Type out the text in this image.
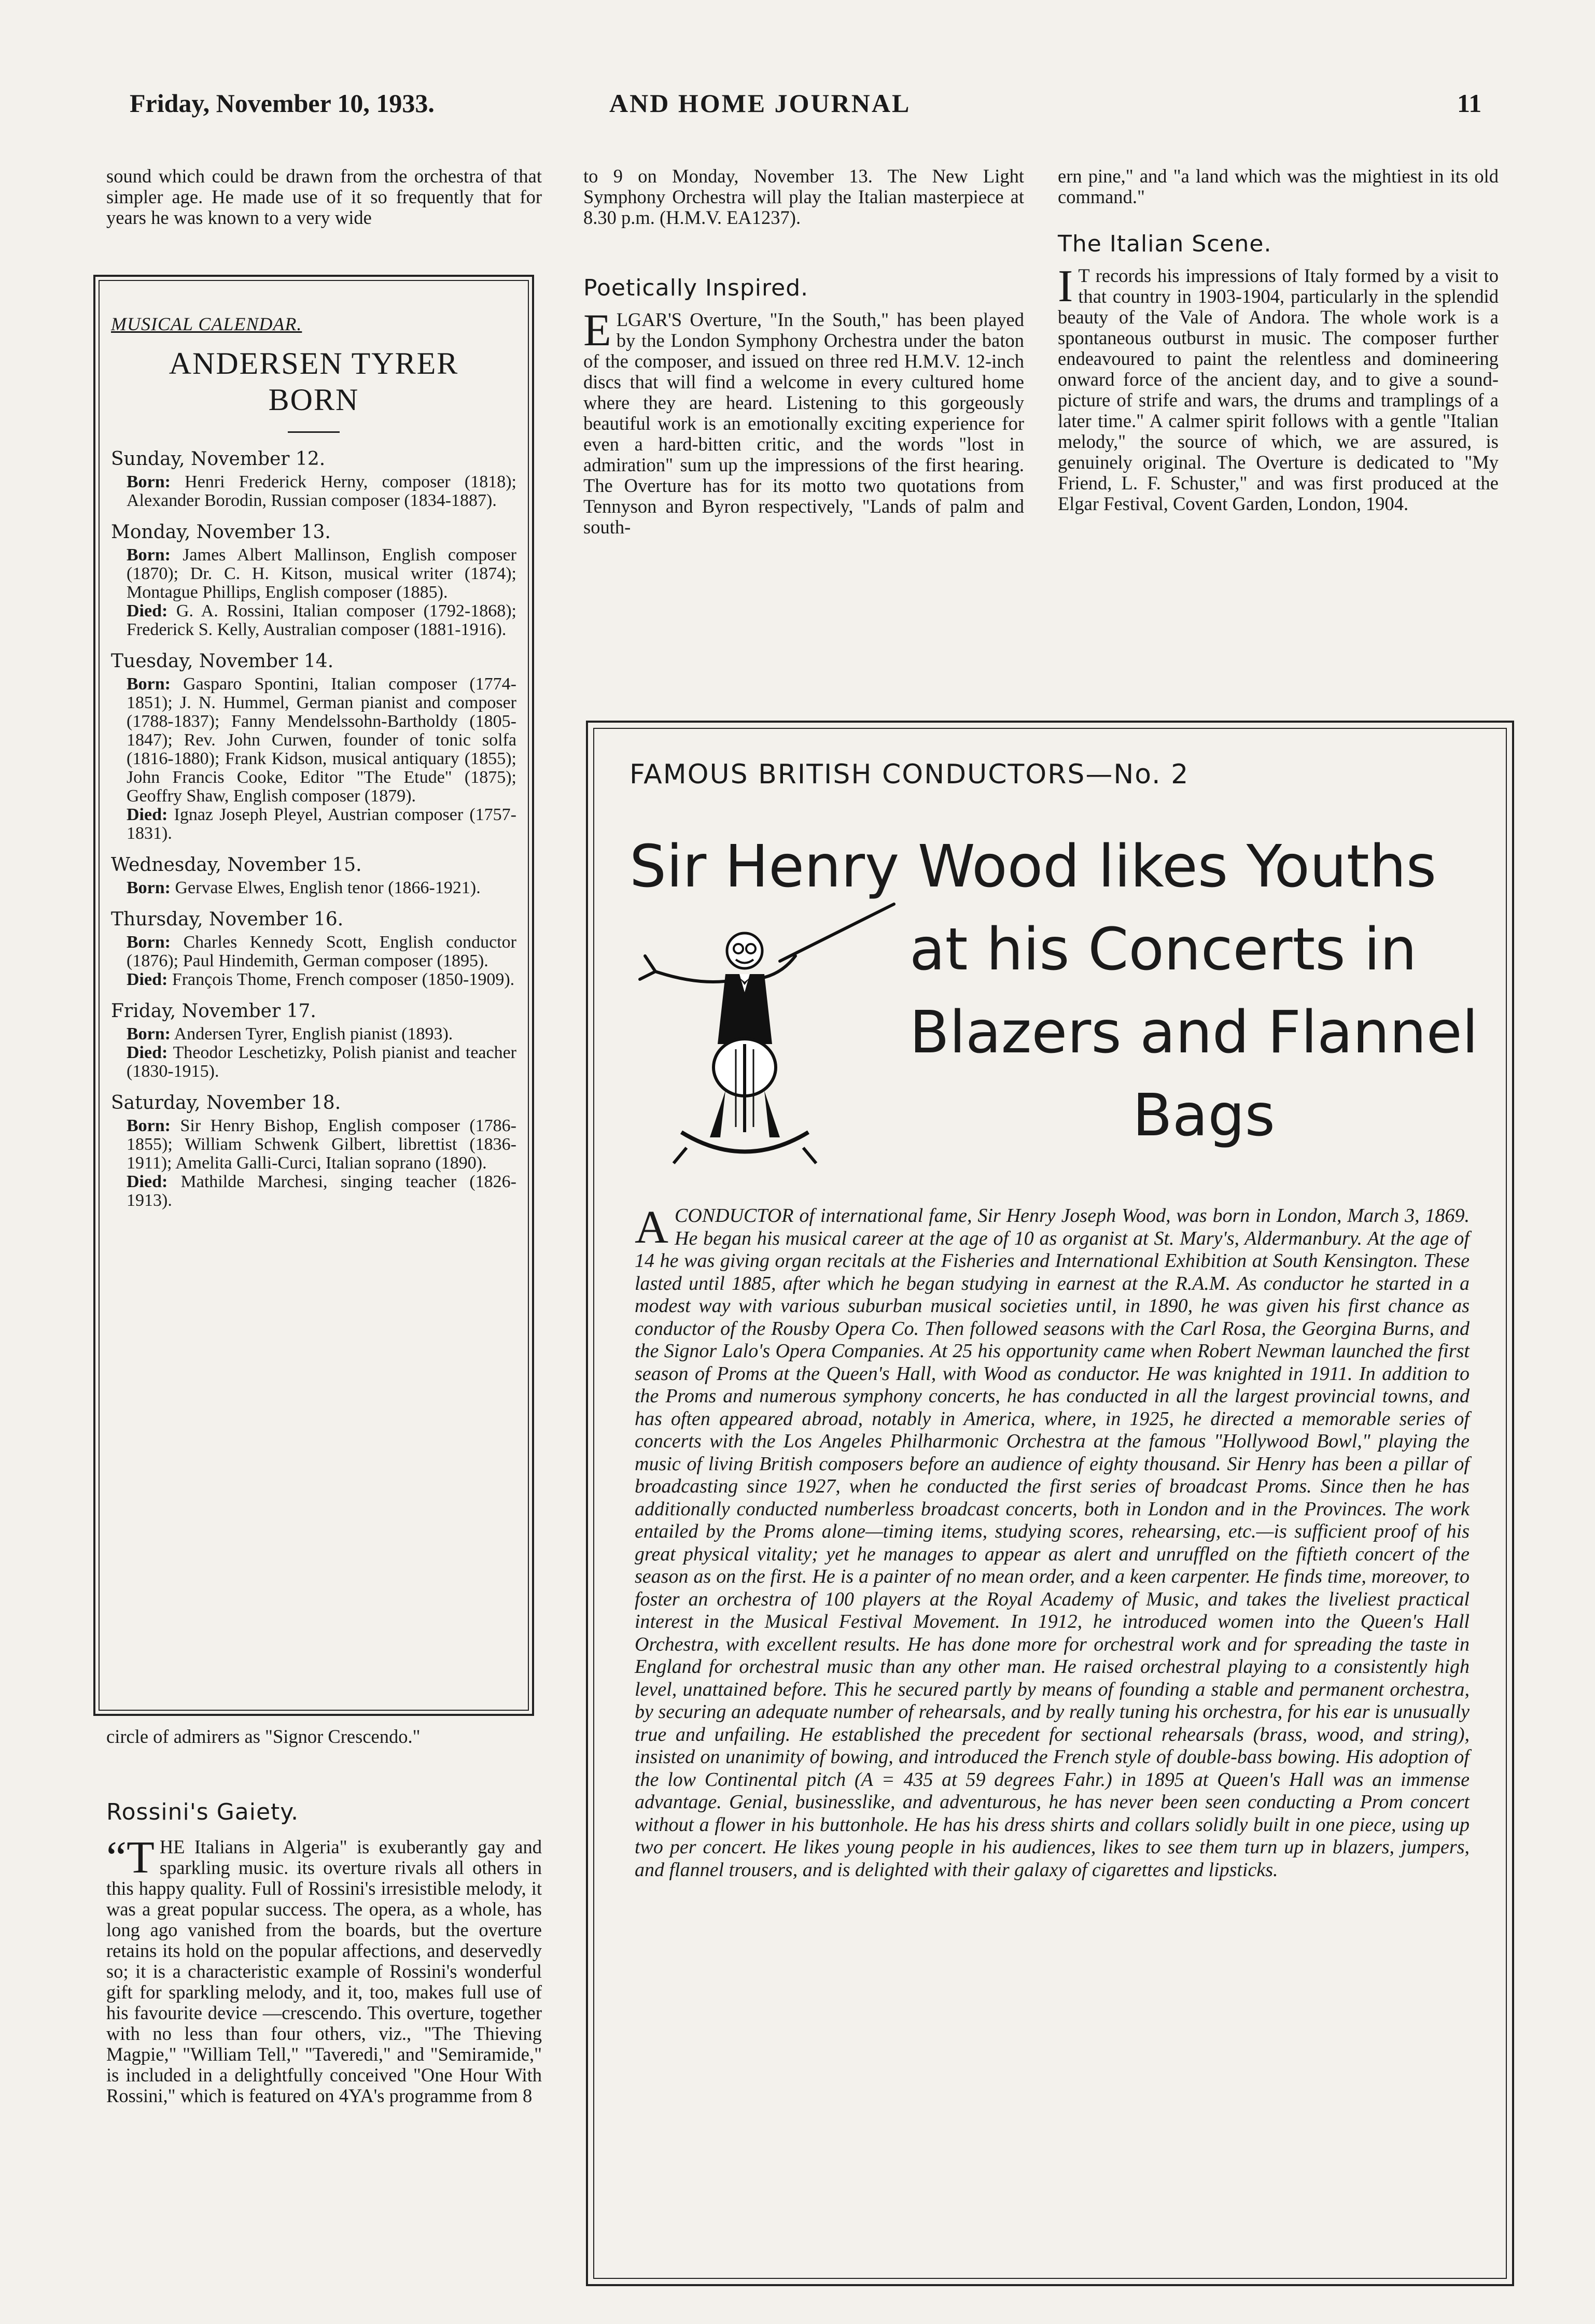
Friday, November 10, 1933.	AND HOME JOURNAL	11
sound which could be drawn from the orchestra of that simpler age. He made use of it so frequently that for years he was known to a very wide
MUSICAL CALENDAR.
ANDERSEN TYRER
BORN
Sunday, November 12.
Born: Henri Frederick Herny, composer (1818); Alexander Borodin, Russian composer (1834-1887).
Monday, November 13.
Born: James Albert Mallinson, English composer (1870); Dr. C. H. Kitson, musical writer (1874); Montague Phillips, English composer (1885).
Died: G. A. Rossini, Italian composer (1792-1868); Frederick S. Kelly, Australian composer (1881-1916).
Tuesday, November 14.
Born: Gasparo Spontini, Italian composer (1774-1851); J. N. Hummel, German pianist and composer (1788-1837); Fanny Mendelssohn-Bartholdy (1805-1847); Rev. John Curwen, founder of tonic solfa (1816-1880); Frank Kidson, musical antiquary (1855); John Francis Cooke, Editor "The Etude" (1875); Geoffry Shaw, English composer (1879).
Died: Ignaz Joseph Pleyel, Austrian composer (1757-1831).
Wednesday, November 15.
Born: Gervase Elwes, English tenor (1866-1921).
Thursday, November 16.
Born: Charles Kennedy Scott, English conductor (1876); Paul Hindemith, German composer (1895).
Died: François Thome, French composer (1850-1909).
Friday, November 17.
Born: Andersen Tyrer, English pianist (1893).
Died: Theodor Leschetizky, Polish pianist and teacher (1830-1915).
Saturday, November 18.
Born: Sir Henry Bishop, English composer (1786-1855); William Schwenk Gilbert, librettist (1836-1911); Amelita Galli-Curci, Italian soprano (1890).
Died: Mathilde Marchesi, singing teacher (1826-1913).
circle of admirers as "Signor Crescendo."
Rossini's Gaiety.
“T HE Italians in Algeria" is exuberantly gay and sparkling music. its overture rivals all others in this happy quality. Full of Rossini's irresistible melody, it was a great popular success. The opera, as a whole, has long ago vanished from the boards, but the overture retains its hold on the popular affections, and deservedly so; it is a characteristic example of Rossini's wonderful gift for sparkling melody, and it, too, makes full use of his favourite device —crescendo. This overture, together with no less than four others, viz., "The Thieving Magpie," "William Tell," "Taveredi," and "Semiramide," is included in a delightfully conceived "One Hour With Rossini," which is featured on 4YA's programme from 8
to 9 on Monday, November 13. The New Light Symphony Orchestra will play the Italian masterpiece at 8.30 p.m. (H.M.V. EA1237).
Poetically Inspired.
E LGAR'S Overture, "In the South," has been played by the London Symphony Orchestra under the baton of the composer, and issued on three red H.M.V. 12-inch discs that will find a welcome in every cultured home where they are heard. Listening to this gorgeously beautiful work is an emotionally exciting experience for even a hard-bitten critic, and the words "lost in admiration" sum up the impressions of the first hearing. The Overture has for its motto two quotations from Tennyson and Byron respectively, "Lands of palm and south-
ern pine," and "a land which was the mightiest in its old command."
The Italian Scene.
I T records his impressions of Italy formed by a visit to that country in 1903-1904, particularly in the splendid beauty of the Vale of Andora. The whole work is a spontaneous outburst in music. The composer further endeavoured to paint the relentless and domineering onward force of the ancient day, and to give a sound-picture of strife and wars, the drums and tramplings of a later time." A calmer spirit follows with a gentle "Italian melody," the source of which, we are assured, is genuinely original. The Overture is dedicated to "My Friend, L. F. Schuster," and was first produced at the Elgar Festival, Covent Garden, London, 1904.
FAMOUS BRITISH CONDUCTORS—No. 2
Sir Henry Wood likes Youths
at his Concerts in
Blazers and Flannel
Bags
A CONDUCTOR of international fame, Sir Henry Joseph Wood, was born in London, March 3, 1869. He began his musical career at the age of 10 as organist at St. Mary's, Aldermanbury. At the age of 14 he was giving organ recitals at the Fisheries and International Exhibition at South Kensington. These lasted until 1885, after which he began studying in earnest at the R.A.M. As conductor he started in a modest way with various suburban musical societies until, in 1890, he was given his first chance as conductor of the Rousby Opera Co. Then followed seasons with the Carl Rosa, the Georgina Burns, and the Signor Lalo's Opera Companies. At 25 his opportunity came when Robert Newman launched the first season of Proms at the Queen's Hall, with Wood as conductor. He was knighted in 1911. In addition to the Proms and numerous symphony concerts, he has conducted in all the largest provincial towns, and has often appeared abroad, notably in America, where, in 1925, he directed a memorable series of concerts with the Los Angeles Philharmonic Orchestra at the famous "Hollywood Bowl," playing the music of living British composers before an audience of eighty thousand. Sir Henry has been a pillar of broadcasting since 1927, when he conducted the first series of broadcast Proms. Since then he has additionally conducted numberless broadcast concerts, both in London and in the Provinces. The work entailed by the Proms alone—timing items, studying scores, rehearsing, etc.—is sufficient proof of his great physical vitality; yet he manages to appear as alert and unruffled on the fiftieth concert of the season as on the first. He is a painter of no mean order, and a keen carpenter. He finds time, moreover, to foster an orchestra of 100 players at the Royal Academy of Music, and takes the liveliest practical interest in the Musical Festival Movement. In 1912, he introduced women into the Queen's Hall Orchestra, with excellent results. He has done more for orchestral work and for spreading the taste in England for orchestral music than any other man. He raised orchestral playing to a consistently high level, unattained before. This he secured partly by means of founding a stable and permanent orchestra, by securing an adequate number of rehearsals, and by really tuning his orchestra, for his ear is unusually true and unfailing. He established the precedent for sectional rehearsals (brass, wood, and string), insisted on unanimity of bowing, and introduced the French style of double-bass bowing. His adoption of the low Continental pitch (A = 435 at 59 degrees Fahr.) in 1895 at Queen's Hall was an immense advantage. Genial, businesslike, and adventurous, he has never been seen conducting a Prom concert without a flower in his buttonhole. He has his dress shirts and collars solidly built in one piece, using up two per concert. He likes young people in his audiences, likes to see them turn up in blazers, jumpers, and flannel trousers, and is delighted with their galaxy of cigarettes and lipsticks.
